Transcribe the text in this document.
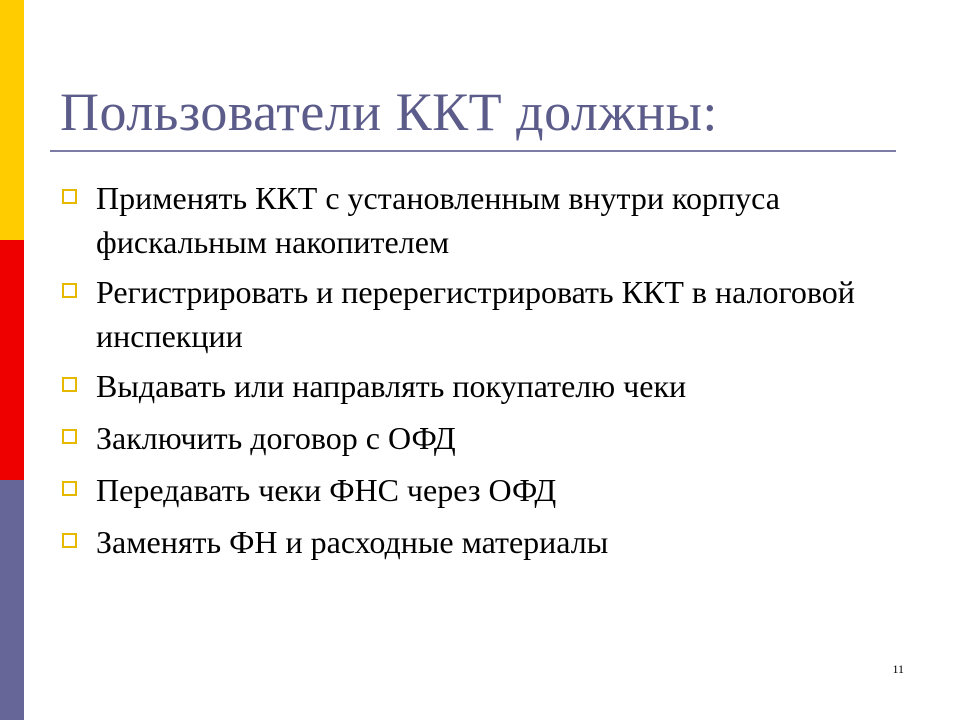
Пользователи ККТ должны:
Применять ККТ с установленным внутри корпуса фискальным накопителем
Регистрировать и перерегистрировать ККТ в налоговой инспекции
Выдавать или направлять покупателю чеки
Заключить договор с ОФД
Передавать чеки ФНС через ОФД
Заменять ФН и расходные материалы
11
